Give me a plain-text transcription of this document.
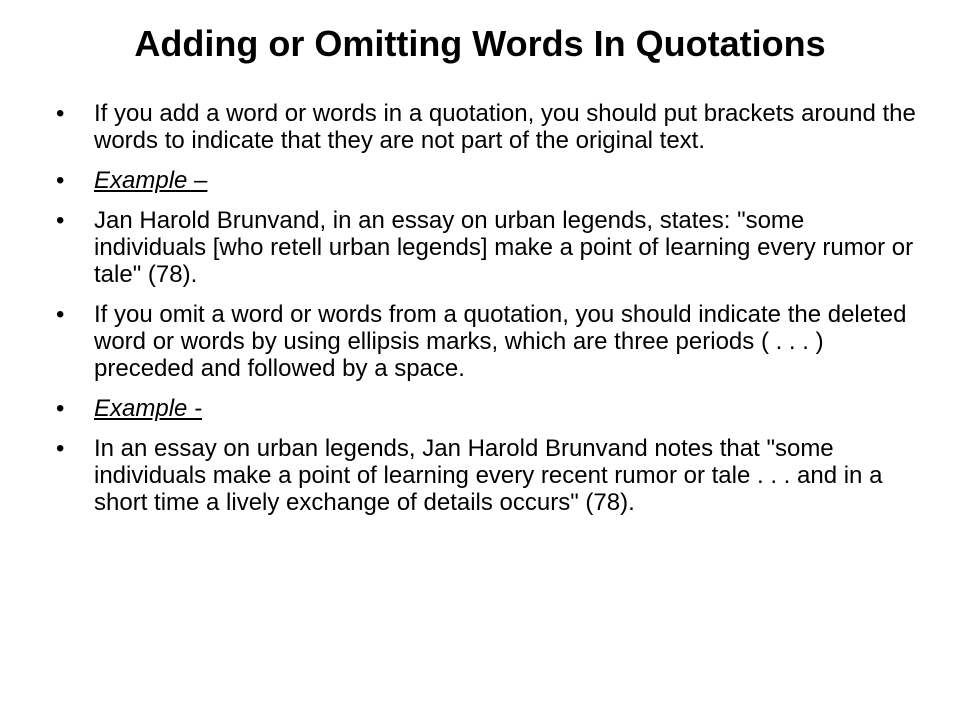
Adding or Omitting Words In Quotations
•	If you add a word or words in a quotation, you should put brackets around the words to indicate that they are not part of the original text.
•	Example –
•	Jan Harold Brunvand, in an essay on urban legends, states: "some individuals [who retell urban legends] make a point of learning every rumor or tale" (78).
•	If you omit a word or words from a quotation, you should indicate the deleted word or words by using ellipsis marks, which are three periods ( . . . ) preceded and followed by a space.
•	Example -
•	In an essay on urban legends, Jan Harold Brunvand notes that "some individuals make a point of learning every recent rumor or tale . . . and in a short time a lively exchange of details occurs" (78).
